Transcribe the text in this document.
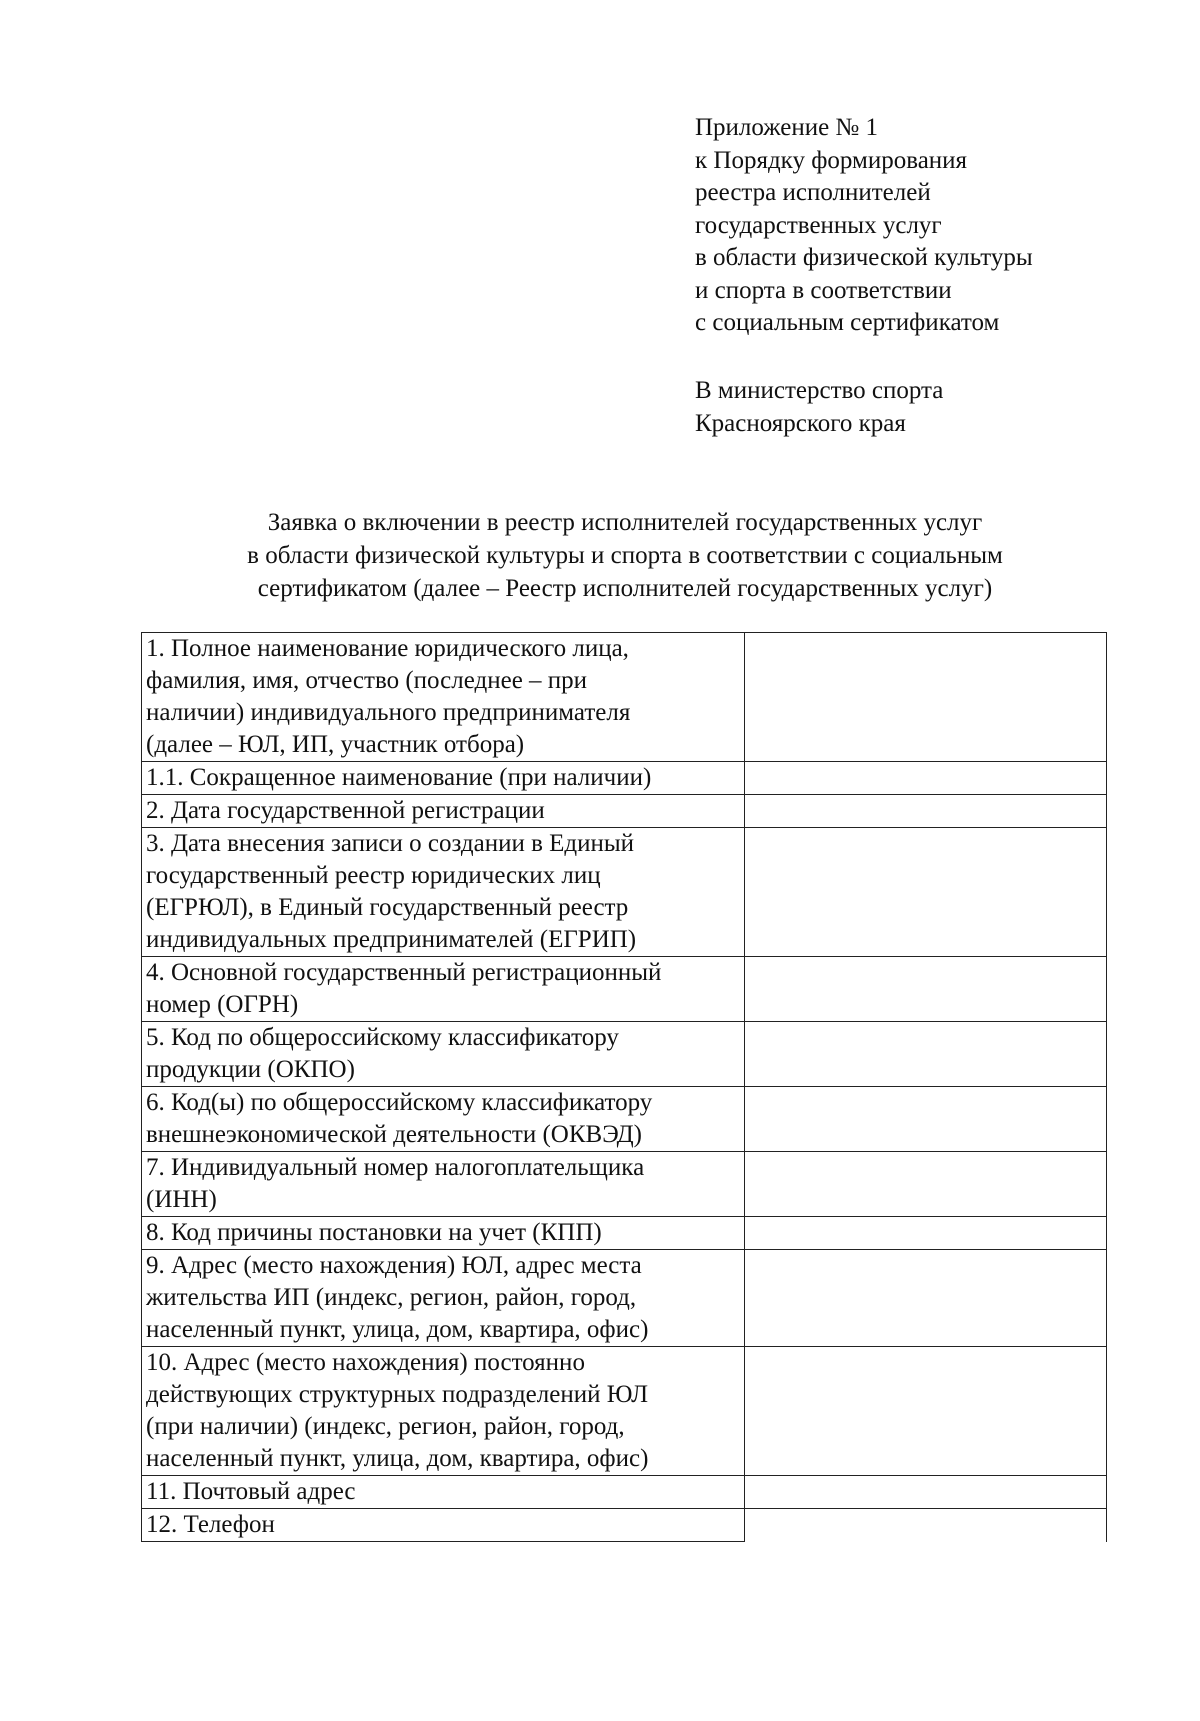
Приложение № 1
к Порядку формирования
реестра исполнителей
государственных услуг
в области физической культуры
и спорта в соответствии
с социальным сертификатом
В министерство спорта
Красноярского края
Заявка о включении в реестр исполнителей государственных услуг
в области физической культуры и спорта в соответствии с социальным
сертификатом (далее – Реестр исполнителей государственных услуг)
1. Полное наименование юридического лица,
фамилия, имя, отчество (последнее – при
наличии) индивидуального предпринимателя
(далее – ЮЛ, ИП, участник отбора)	

1.1. Сокращенное наименование (при наличии)	

2. Дата государственной регистрации	

3. Дата внесения записи о создании в Единый
государственный реестр юридических лиц
(ЕГРЮЛ), в Единый государственный реестр
индивидуальных предпринимателей (ЕГРИП)	

4. Основной государственный регистрационный
номер (ОГРН)	

5. Код по общероссийскому классификатору
продукции (ОКПО)	

6. Код(ы) по общероссийскому классификатору
внешнеэкономической деятельности (ОКВЭД)	

7. Индивидуальный номер налогоплательщика
(ИНН)	

8. Код причины постановки на учет (КПП)	

9. Адрес (место нахождения) ЮЛ, адрес места
жительства ИП (индекс, регион, район, город,
населенный пункт, улица, дом, квартира, офис)	

10. Адрес (место нахождения) постоянно
действующих структурных подразделений ЮЛ
(при наличии) (индекс, регион, район, город,
населенный пункт, улица, дом, квартира, офис)	

11. Почтовый адрес	

12. Телефон	
